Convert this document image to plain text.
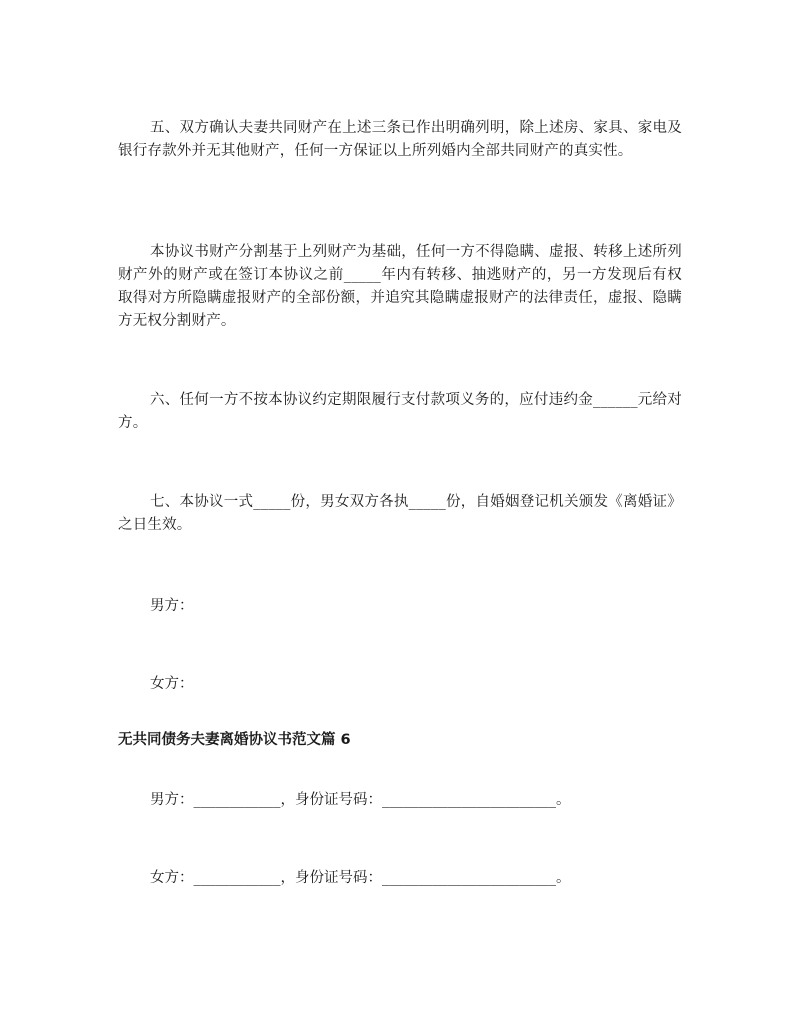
五、双方确认夫妻共同财产在上述三条已作出明确列明，除上述房、家具、家电及银行存款外并无其他财产，任何一方保证以上所列婚内全部共同财产的真实性。

本协议书财产分割基于上列财产为基础，任何一方不得隐瞒、虚报、转移上述所列财产外的财产或在签订本协议之前_____年内有转移、抽逃财产的，另一方发现后有权取得对方所隐瞒虚报财产的全部份额，并追究其隐瞒虚报财产的法律责任，虚报、隐瞒方无权分割财产。

六、任何一方不按本协议约定期限履行支付款项义务的，应付违约金______元给对方。

七、本协议一式_____份，男女双方各执_____份，自婚姻登记机关颁发《离婚证》之日生效。

男方：

女方：

无共同债务夫妻离婚协议书范文篇 6

男方：____________，身份证号码：________________________。

女方：____________，身份证号码：________________________。
